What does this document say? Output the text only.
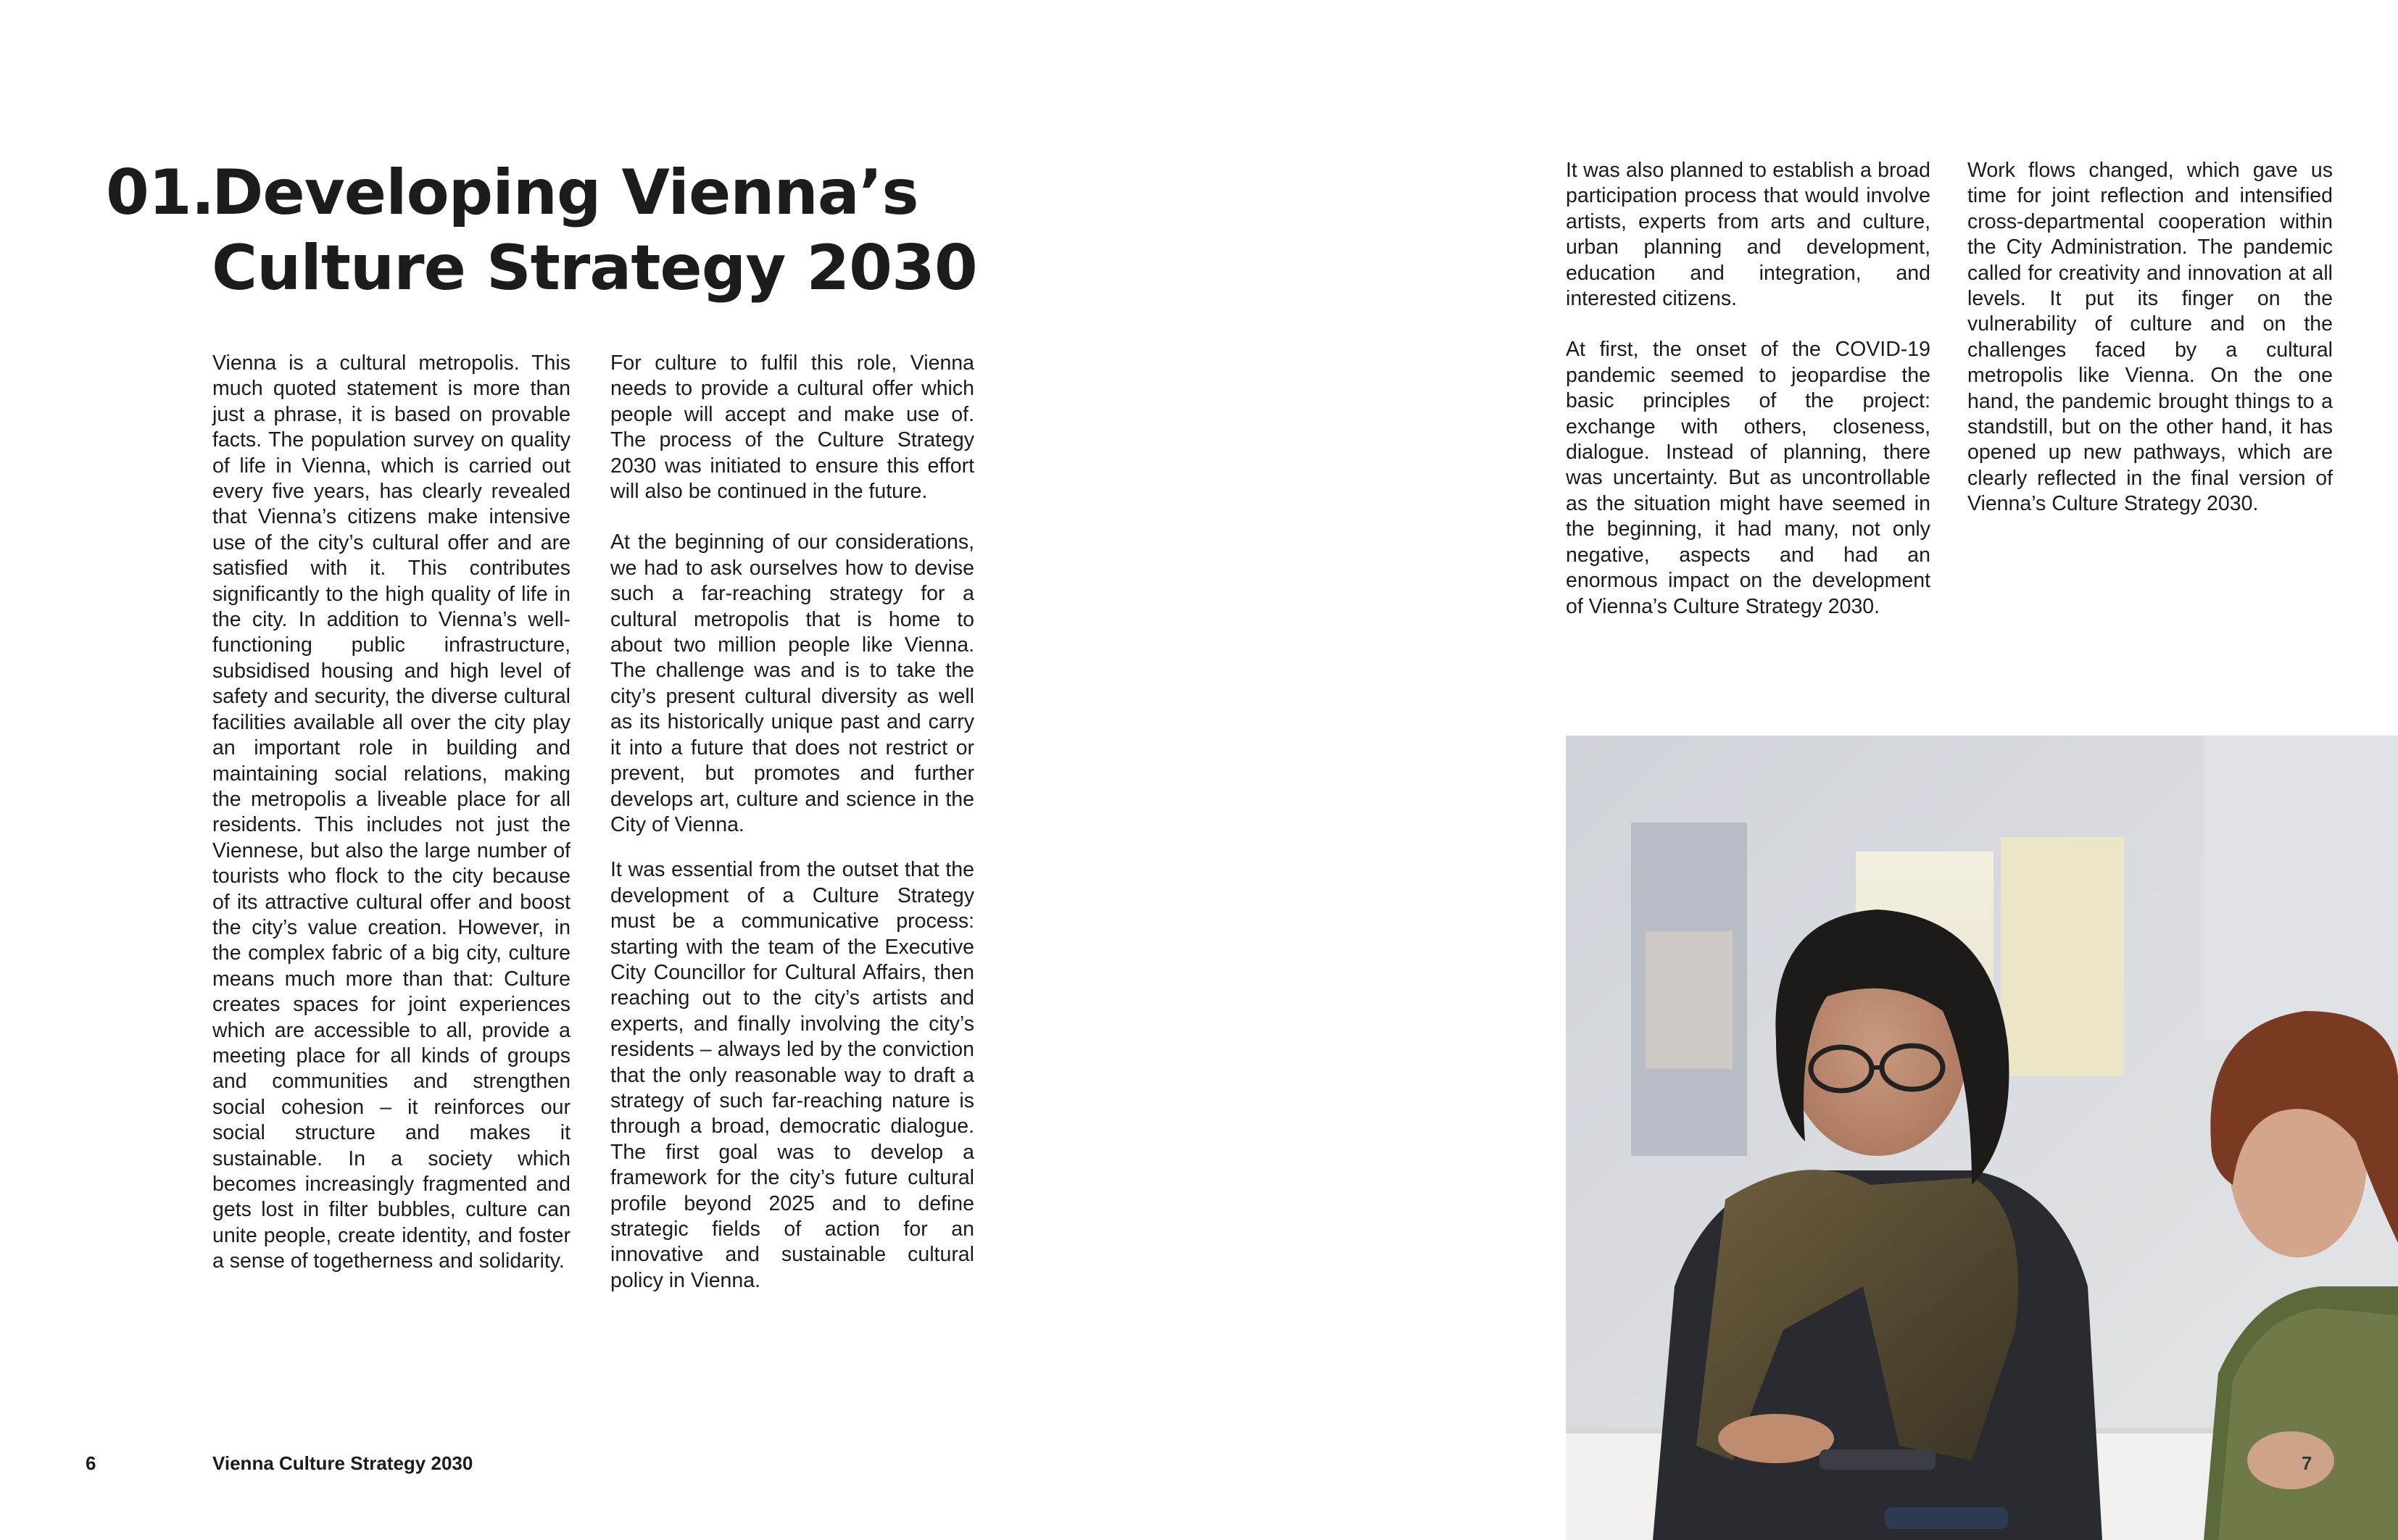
01.
Developing Vienna’s
Culture Strategy 2030

Vienna is a cultural metropolis. This much quoted statement is more than just a phrase, it is based on provable facts. The population survey on quality of life in Vienna, which is carried out every five years, has clearly revealed that Vienna’s citizens make intensive use of the city’s cultural offer and are satisfied with it. This contributes significantly to the high quality of life in the city. In addition to Vienna’s well-functioning public infrastructure, subsidised housing and high level of safety and security, the diverse cultural facilities available all over the city play an important role in building and maintaining social relations, making the metropolis a liveable place for all residents. This includes not just the Viennese, but also the large number of tourists who flock to the city because of its attractive cultural offer and boost the city’s value creation. However, in the complex fabric of a big city, culture means much more than that: Culture creates spaces for joint experiences which are accessible to all, provide a meeting place for all kinds of groups and communities and strengthen social cohesion – it reinforces our social structure and makes it sustainable. In a society which becomes increasingly fragmented and gets lost in filter bubbles, culture can unite people, create identity, and foster a sense of togetherness and solidarity.

For culture to fulfil this role, Vienna needs to provide a cultural offer which people will accept and make use of. The process of the Culture Strategy 2030 was initiated to ensure this effort will also be continued in the future.

At the beginning of our considerations, we had to ask ourselves how to devise such a far-reaching strategy for a cultural metropolis that is home to about two million people like Vienna. The challenge was and is to take the city’s present cultural diversity as well as its historically unique past and carry it into a future that does not restrict or prevent, but promotes and further develops art, culture and science in the City of Vienna.

It was essential from the outset that the development of a Culture Strategy must be a communicative process: starting with the team of the Executive City Councillor for Cultural Affairs, then reaching out to the city’s artists and experts, and finally involving the city’s residents – always led by the conviction that the only reasonable way to draft a strategy of such far-reaching nature is through a broad, democratic dialogue. The first goal was to develop a framework for the city’s future cultural profile beyond 2025 and to define strategic fields of action for an innovative and sustainable cultural policy in Vienna.

It was also planned to establish a broad participation process that would involve artists, experts from arts and culture, urban planning and development, education and integration, and interested citizens.

At first, the onset of the COVID-19 pandemic seemed to jeopardise the basic principles of the project: exchange with others, closeness, dialogue. Instead of planning, there was uncertainty. But as uncontrollable as the situation might have seemed in the beginning, it had many, not only negative, aspects and had an enormous impact on the development of Vienna’s Culture Strategy 2030.

Work flows changed, which gave us time for joint reflection and intensified cross-departmental cooperation within the City Administration. The pandemic called for creativity and innovation at all levels. It put its finger on the vulnerability of culture and on the challenges faced by a cultural metropolis like Vienna. On the one hand, the pandemic brought things to a standstill, but on the other hand, it has opened up new pathways, which are clearly reflected in the final version of Vienna’s Culture Strategy 2030.

6	Vienna Culture Strategy 2030	7
